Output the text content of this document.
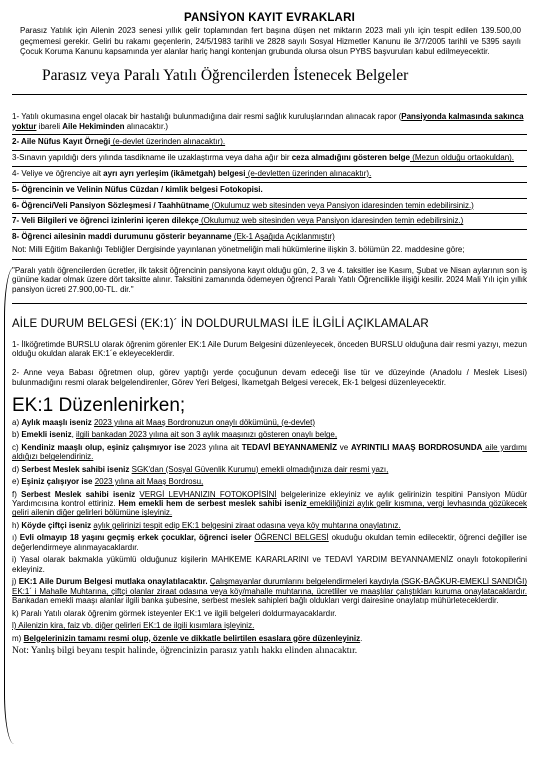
PANSİYON KAYIT EVRAKLARI
Parasız Yatılık için Ailenin 2023 senesi yıllık gelir toplamından fert başına düşen net miktarın 2023 mali yılı için tespit edilen 139.500,00 geçmemesi gerekir. Geliri bu rakamı geçenlerin, 24/5/1983 tarihli ve 2828 sayılı Sosyal Hizmetler Kanunu ile 3/7/2005 tarihli ve 5395 sayılı Çocuk Koruma Kanunu kapsamında yer alanlar hariç hangi kontenjan grubunda olursa olsun PYBS başvuruları kabul edilmeyecektir.
Parasız veya Paralı Yatılı Öğrencilerden İstenecek Belgeler

1- Yatılı okumasına engel olacak bir hastalığı bulunmadığına dair resmi sağlık kuruluşlarından alınacak rapor (Pansiyonda kalmasında sakınca yoktur ibareli Aile Hekiminden alınacaktır.)

2- Aile Nüfus Kayıt Örneği (e-devlet üzerinden alınacaktır).

3-Sınavın yapıldığı ders yılında tasdikname ile uzaklaştırma veya daha ağır bir ceza almadığını gösteren belge (Mezun olduğu ortaokuldan).

4- Veliye ve öğrenciye ait ayrı ayrı yerleşim (ikâmetgah) belgesi (e-devletten üzerinden alınacaktır).

5- Öğrencinin ve Velinin Nüfus Cüzdan / kimlik belgesi Fotokopisi.

6- Öğrenci/Veli Pansiyon Sözleşmesi / Taahhütname (Okulumuz web sitesinden veya Pansiyon idaresinden temin edebilirsiniz.)

7- Veli Bilgileri ve öğrenci izinlerini içeren dilekçe (Okulumuz web sitesinden veya Pansiyon idaresinden temin edebilirsiniz.)

8- Öğrenci ailesinin maddi durumunu gösterir beyanname (Ek-1 Aşağıda Açıklanmıştır)

Not: Milli Eğitim Bakanlığı Tebliğler Dergisinde yayınlanan yönetmeliğin mali hükümlerine ilişkin 3. bölümün 22. maddesine göre;
"Paralı yatılı öğrencilerden ücretler, ilk taksit öğrencinin pansiyona kayıt olduğu gün, 2, 3 ve 4. taksitler ise Kasım, Şubat ve Nisan aylarının son iş gününe kadar olmak üzere dört taksitte alınır. Taksitini zamanında ödemeyen öğrenci Paralı Yatılı Öğrencilikle ilişiği kesilir. 2024 Mali Yılı için yıllık pansiyon ücreti 27.900,00-TL. dir."
AİLE DURUM BELGESİ (EK:1)´ İN DOLDURULMASI İLE İLGİLİ AÇIKLAMALAR
1- İlköğretimde BURSLU olarak öğrenim görenler EK:1 Aile Durum Belgesini düzenleyecek, önceden BURSLU olduğuna dair resmi yazıyı, mezun olduğu okuldan alarak EK:1´e ekleyeceklerdir.
2- Anne veya Babası öğretmen olup, görev yaptığı yerde çocuğunun devam edeceği lise tür ve düzeyinde (Anadolu / Meslek Lisesi) bulunmadığını resmi olarak belgelendirenler, Görev Yeri Belgesi, İkametgah Belgesi verecek, Ek-1 belgesi düzenleyecektir.
EK:1 Düzenlenirken;

a) Aylık maaşlı iseniz 2023 yılına ait Maaş Bordronuzun onaylı dökümünü, (e-devlet)

b) Emekli iseniz, ilgili bankadan 2023 yılına ait son 3 aylık maaşınızı gösteren onaylı belge,

c) Kendiniz maaşlı olup, eşiniz çalışmıyor ise 2023 yılına ait TEDAVİ BEYANNAMENİZ ve AYRINTILI MAAŞ BORDROSUNDA aile yardımı aldığızı belgelendiriniz.

d) Serbest Meslek sahibi iseniz SGK'dan (Sosyal Güvenlik Kurumu) emekli olmadığınıza dair resmi yazı,

e) Eşiniz çalışıyor ise 2023 yılına ait Maaş Bordrosu,

f) Serbest Meslek sahibi iseniz VERGİ LEVHANIZIN FOTOKOPİSİNİ belgelerinize ekleyiniz ve aylık gelirinizin tespitini Pansiyon Müdür Yardımcısına kontrol ettiriniz. Hem emekli hem de serbest meslek sahibi iseniz emekliliğinizi aylık gelir kısmına, vergi levhasında gözükecek geliri ailenin diğer gelirleri bölümüne işleyiniz.

h) Köyde çiftçi iseniz aylık gelirinizi tespit edip EK:1 belgesini ziraat odasına veya köy muhtarına onaylatınız.

ı) Evli olmayıp 18 yaşını geçmiş erkek çocuklar, öğrenci iseler ÖĞRENCİ BELGESİ okuduğu okuldan temin edilecektir, öğrenci değiller ise değerlendirmeye alınmayacaklardır.

i) Yasal olarak bakmakla yükümlü olduğunuz kişilerin MAHKEME KARARLARINI ve TEDAVİ YARDIM BEYANNAMENİZ onaylı fotokopilerini ekleyiniz.

j) EK:1 Aile Durum Belgesi mutlaka onaylatılacaktır. Çalışmayanlar durumlarını belgelendirmeleri kaydıyla (SGK-BAĞKUR-EMEKLİ SANDIĞI) EK:1´ i Mahalle Muhtarına, çiftçi olanlar ziraat odasına veya köy/mahalle muhtarına, ücretliler ve maaşlılar çalıştıkları kuruma onaylatacaklardır. Bankadan emekli maaşı alanlar ilgili banka şubesine, serbest meslek sahipleri bağlı oldukları vergi dairesine onaylatıp mühürleteceklerdir.

k) Paralı Yatılı olarak öğrenim görmek isteyenler EK:1 ve ilgili belgeleri doldurmayacaklardır.

l) Ailenizin kira, faiz vb. diğer gelirleri EK:1 de ilgili kısımlara işleyiniz.

m) Belgelerinizin tamamı resmi olup, özenle ve dikkatle belirtilen esaslara göre düzenleyiniz.

Not: Yanlış bilgi beyanı tespit halinde, öğrencinizin parasız yatılı hakkı elinden alınacaktır.
